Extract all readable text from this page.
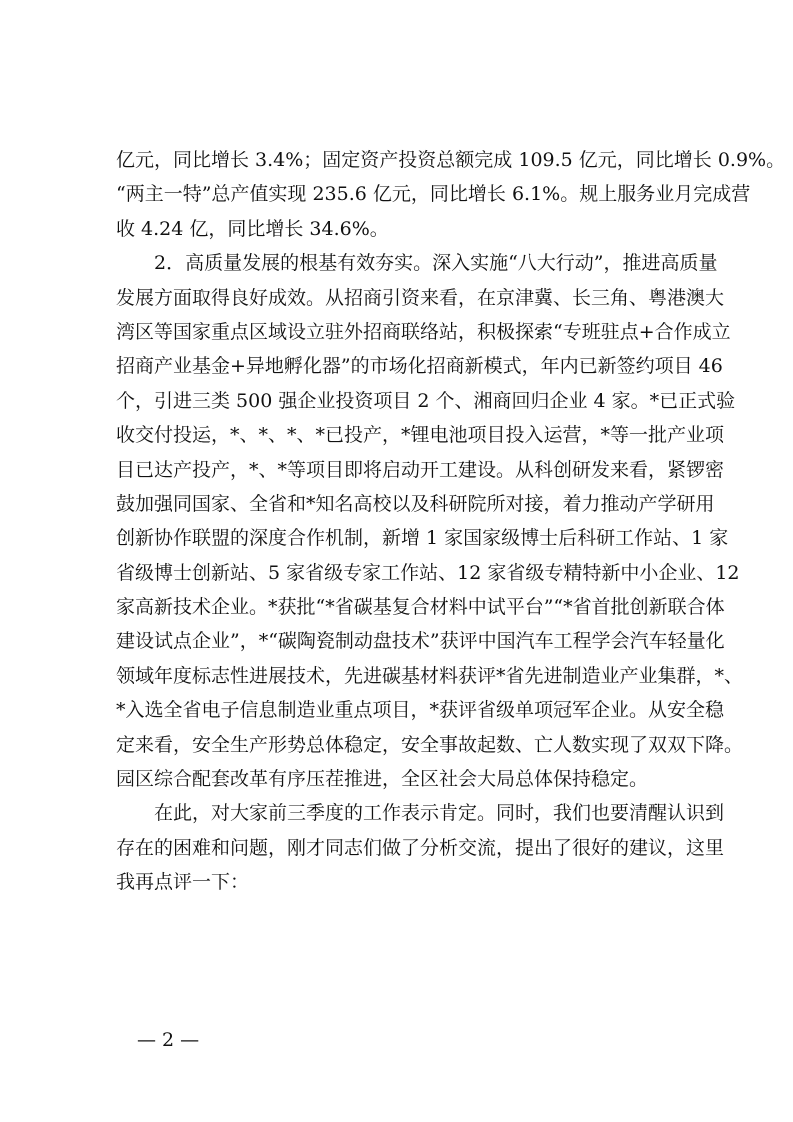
亿元，同比增长 3.4%；固定资产投资总额完成 109.5 亿元，同比增长 0.9%。
“两主一特”总产值实现 235.6 亿元，同比增长 6.1%。规上服务业月完成营
收 4.24 亿，同比增长 34.6%。
　　2．高质量发展的根基有效夯实。深入实施“八大行动”，推进高质量
发展方面取得良好成效。从招商引资来看，在京津冀、长三角、粤港澳大
湾区等国家重点区域设立驻外招商联络站，积极探索“专班驻点+合作成立
招商产业基金+异地孵化器”的市场化招商新模式，年内已新签约项目 46
个，引进三类 500 强企业投资项目 2 个、湘商回归企业 4 家。*已正式验
收交付投运，*、*、*、*已投产，*锂电池项目投入运营，*等一批产业项
目已达产投产，*、*等项目即将启动开工建设。从科创研发来看，紧锣密
鼓加强同国家、全省和*知名高校以及科研院所对接，着力推动产学研用
创新协作联盟的深度合作机制，新增 1 家国家级博士后科研工作站、1 家
省级博士创新站、5 家省级专家工作站、12 家省级专精特新中小企业、12
家高新技术企业。*获批“*省碳基复合材料中试平台”“*省首批创新联合体
建设试点企业”，*“碳陶瓷制动盘技术”获评中国汽车工程学会汽车轻量化
领域年度标志性进展技术，先进碳基材料获评*省先进制造业产业集群，*、
*入选全省电子信息制造业重点项目，*获评省级单项冠军企业。从安全稳
定来看，安全生产形势总体稳定，安全事故起数、亡人数实现了双双下降。
园区综合配套改革有序压茬推进，全区社会大局总体保持稳定。
　　在此，对大家前三季度的工作表示肯定。同时，我们也要清醒认识到
存在的困难和问题，刚才同志们做了分析交流，提出了很好的建议，这里
我再点评一下：
— 2 —
